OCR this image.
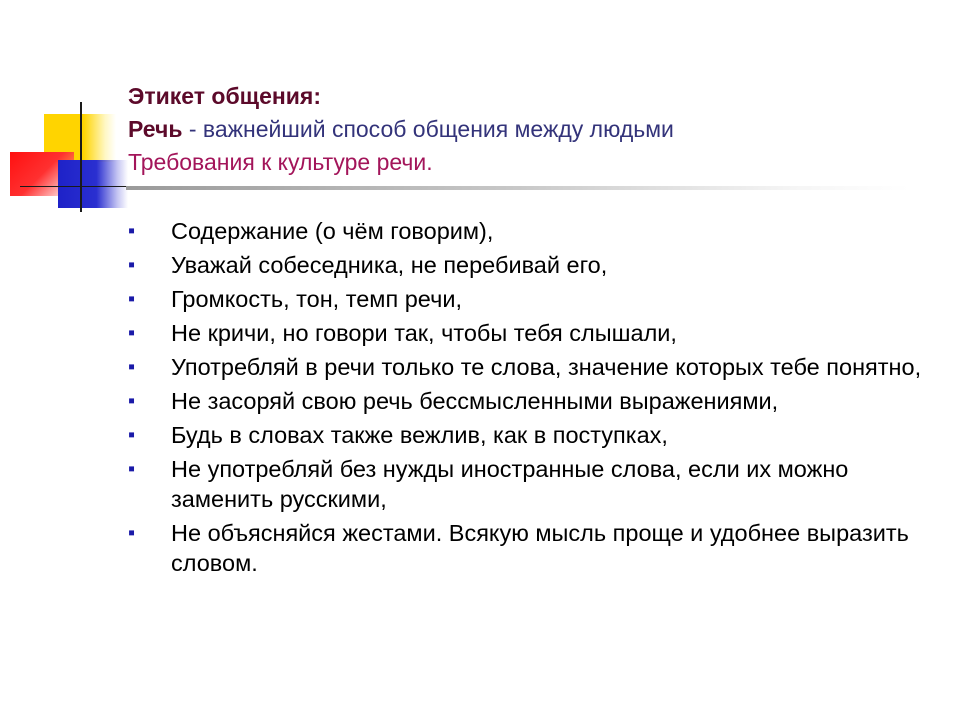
Этикет общения:
Речь - важнейший способ общения между людьми
Требования к культуре речи.
▪ Содержание (о чём говорим),
▪ Уважай собеседника, не перебивай его,
▪ Громкость, тон, темп речи,
▪ Не кричи, но говори так, чтобы тебя слышали,
▪ Употребляй в речи только те слова, значение которых тебе понятно,
▪ Не засоряй свою речь бессмысленными выражениями,
▪ Будь в словах также вежлив, как в поступках,
▪ Не употребляй без нужды иностранные слова, если их можно заменить русскими,
▪ Не объясняйся жестами. Всякую мысль проще и удобнее выразить словом.
